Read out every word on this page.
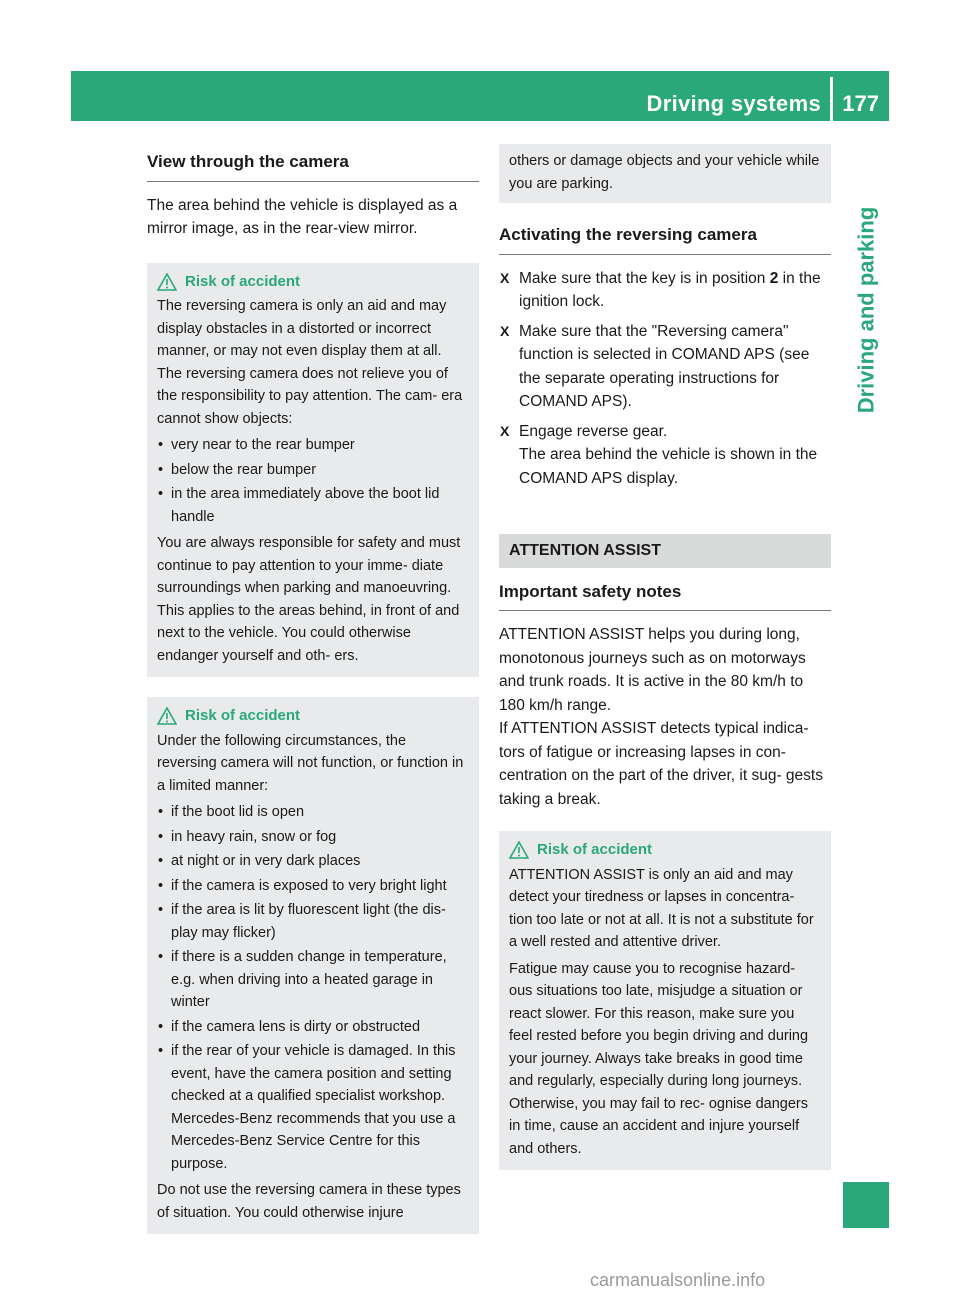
Driving systems 177
Driving and parking
View through the camera

The area behind the vehicle is displayed as a mirror image, as in the rear-view mirror.

Risk of accident

The reversing camera is only an aid and may display obstacles in a distorted or incorrect manner, or may not even display them at all. The reversing camera does not relieve you of the responsibility to pay attention. The cam- era cannot show objects:

• very near to the rear bumper
• below the rear bumper
• in the area immediately above the boot lid handle

You are always responsible for safety and must continue to pay attention to your imme- diate surroundings when parking and manoeuvring. This applies to the areas behind, in front of and next to the vehicle. You could otherwise endanger yourself and oth- ers.

Risk of accident

Under the following circumstances, the reversing camera will not function, or function in a limited manner:

• if the boot lid is open
• in heavy rain, snow or fog
• at night or in very dark places
• if the camera is exposed to very bright light
• if the area is lit by fluorescent light (the dis- play may flicker)
• if there is a sudden change in temperature, e.g. when driving into a heated garage in winter
• if the camera lens is dirty or obstructed
• if the rear of your vehicle is damaged. In this event, have the camera position and setting checked at a qualified specialist workshop. Mercedes-Benz recommends that you use a Mercedes-Benz Service Centre for this purpose.

Do not use the reversing camera in these types of situation. You could otherwise injure

others or damage objects and your vehicle while you are parking.
Activating the reversing camera
X Make sure that the key is in position 2 in the ignition lock.
X Make sure that the "Reversing camera" function is selected in COMAND APS (see the separate operating instructions for COMAND APS).
X Engage reverse gear.
The area behind the vehicle is shown in the COMAND APS display.
ATTENTION ASSIST
Important safety notes

ATTENTION ASSIST helps you during long, monotonous journeys such as on motorways and trunk roads. It is active in the 80 km/h to 180 km/h range.

If ATTENTION ASSIST detects typical indica- tors of fatigue or increasing lapses in con- centration on the part of the driver, it sug- gests taking a break.

Risk of accident

ATTENTION ASSIST is only an aid and may detect your tiredness or lapses in concentra- tion too late or not at all. It is not a substitute for a well rested and attentive driver.

Fatigue may cause you to recognise hazard- ous situations too late, misjudge a situation or react slower. For this reason, make sure you feel rested before you begin driving and during your journey. Always take breaks in good time and regularly, especially during long journeys. Otherwise, you may fail to rec- ognise dangers in time, cause an accident and injure yourself and others.

carmanualsonline.info
